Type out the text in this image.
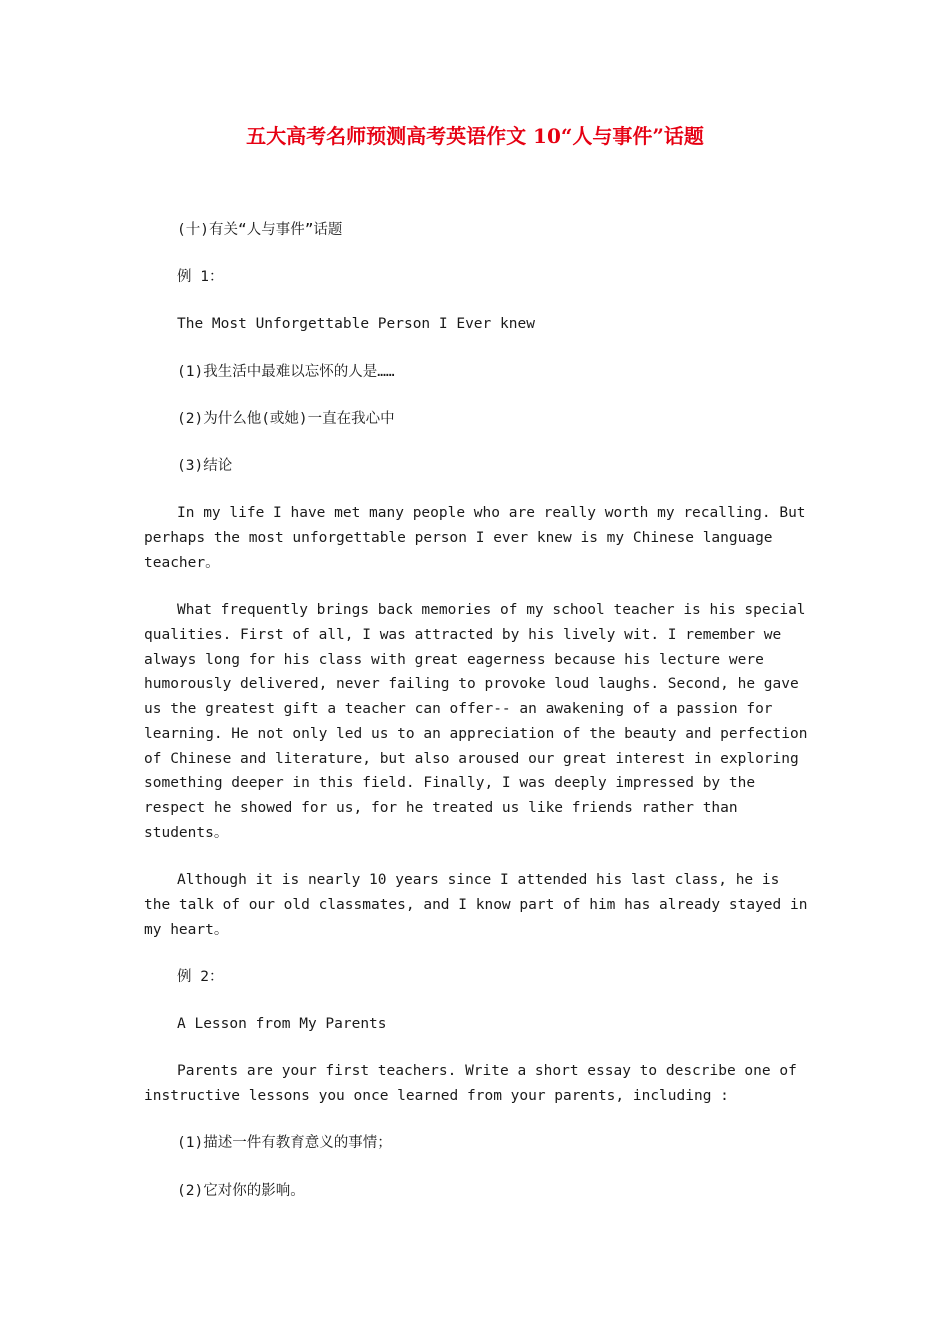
五大高考名师预测高考英语作文 10“人与事件”话题

(十)有关“人与事件”话题

例 1：

The Most Unforgettable Person I Ever knew

(1)我生活中最难以忘怀的人是……

(2)为什么他(或她)一直在我心中

(3)结论

In my life I have met many people who are really worth my recalling. But perhaps the most unforgettable person I ever knew is my Chinese language teacher。

What frequently brings back memories of my school teacher is his special qualities. First of all, I was attracted by his lively wit. I remember we always long for his class with great eagerness because his lecture were humorously delivered, never failing to provoke loud laughs. Second, he gave us the greatest gift a teacher can offer-- an awakening of a passion for learning. He not only led us to an appreciation of the beauty and perfection of Chinese and literature, but also aroused our great interest in exploring something deeper in this field. Finally, I was deeply impressed by the respect he showed for us, for he treated us like friends rather than students。

Although it is nearly 10 years since I attended his last class, he is the talk of our old classmates, and I know part of him has already stayed in my heart。

例 2：

A Lesson from My Parents

Parents are your first teachers. Write a short essay to describe one of instructive lessons you once learned from your parents, including :

(1)描述一件有教育意义的事情；

(2)它对你的影响。
